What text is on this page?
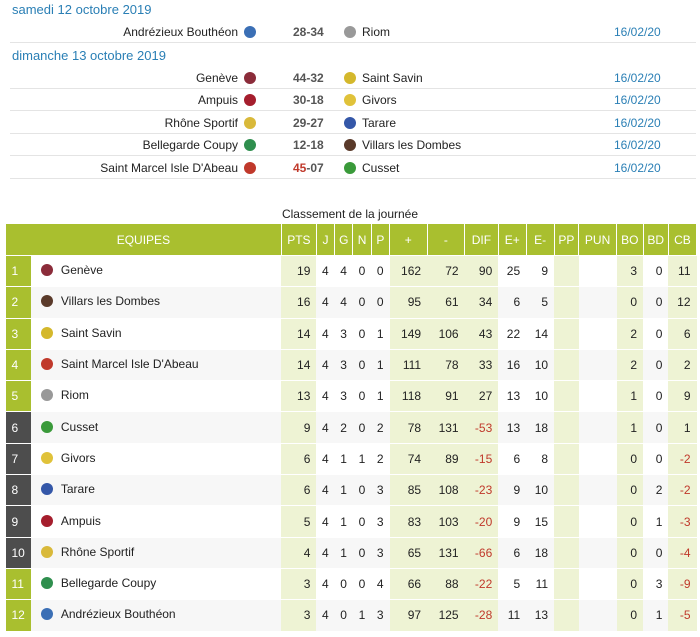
samedi 12 octobre 2019
Andrézieux Bouthéon	28-34	Riom	16/02/20
dimanche 13 octobre 2019
Genève	44-32	Saint Savin	16/02/20
Ampuis	30-18	Givors	16/02/20
Rhône Sportif	29-27	Tarare	16/02/20
Bellegarde Coupy	12-18	Villars les Dombes	16/02/20
Saint Marcel Isle D'Abeau	45-07	Cusset	16/02/20
Classement de la journée
EQUIPES		PTS	J	G	N	P	+	-	DIF	E+	E-	PP	PUN	BO	BD	CB
1	Genève	19	4	4	0	0	162	72	90	25	9			3	0	11
2	Villars les Dombes	16	4	4	0	0	95	61	34	6	5			0	0	12
3	Saint Savin	14	4	3	0	1	149	106	43	22	14			2	0	6
4	Saint Marcel Isle D'Abeau	14	4	3	0	1	111	78	33	16	10			2	0	2
5	Riom	13	4	3	0	1	118	91	27	13	10			1	0	9
6	Cusset	9	4	2	0	2	78	131	-53	13	18			1	0	1
7	Givors	6	4	1	1	2	74	89	-15	6	8			0	0	-2
8	Tarare	6	4	1	0	3	85	108	-23	9	10			0	2	-2
9	Ampuis	5	4	1	0	3	83	103	-20	9	15			0	1	-3
10	Rhône Sportif	4	4	1	0	3	65	131	-66	6	18			0	0	-4
11	Bellegarde Coupy	3	4	0	0	4	66	88	-22	5	11			0	3	-9
12	Andrézieux Bouthéon	3	4	0	1	3	97	125	-28	11	13			0	1	-5
